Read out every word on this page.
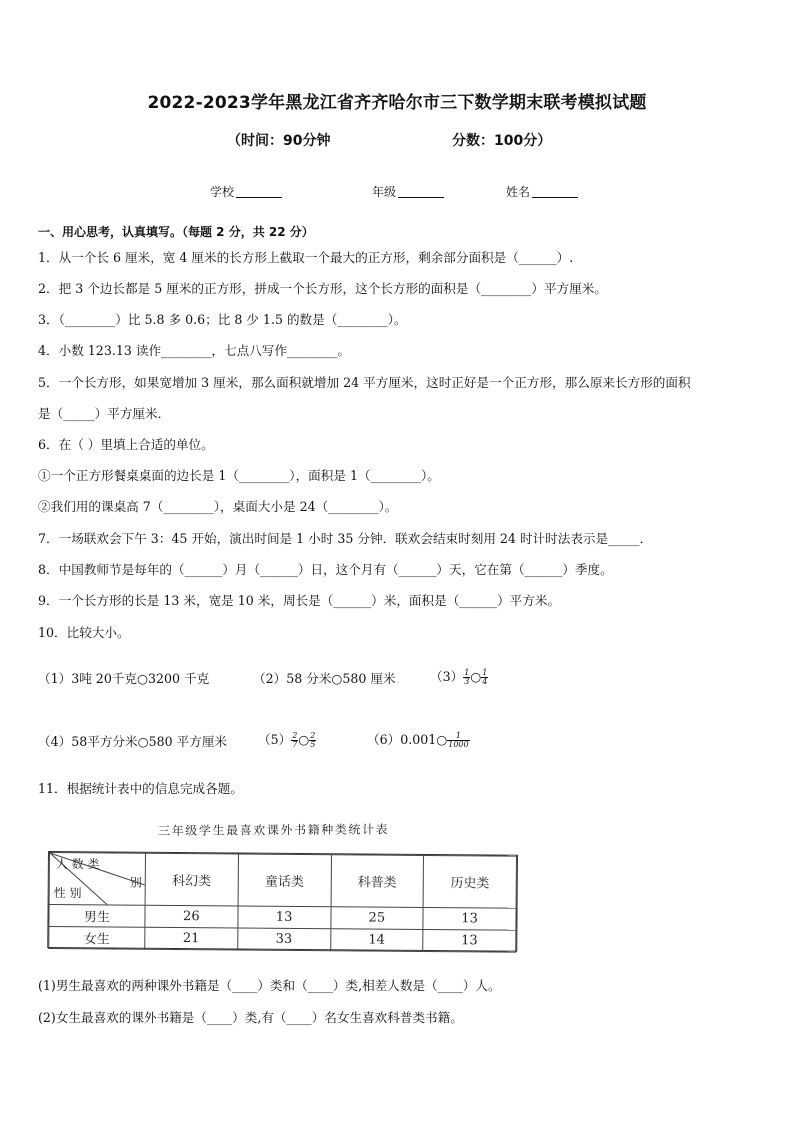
2022-2023学年黑龙江省齐齐哈尔市三下数学期末联考模拟试题
（时间：90分钟	分数：100分）
学校	年级	姓名
一、用心思考，认真填写。（每题 2 分，共 22 分）
1．从一个长 6 厘米，宽 4 厘米的长方形上截取一个最大的正方形，剩余部分面积是（______）.
2．把 3 个边长都是 5 厘米的正方形，拼成一个长方形，这个长方形的面积是（________）平方厘米。
3．（________）比 5.8 多 0.6；比 8 少 1.5 的数是（________）。
4．小数 123.13 读作________，七点八写作________。
5．一个长方形，如果宽增加 3 厘米，那么面积就增加 24 平方厘米，这时正好是一个正方形，那么原来长方形的面积
是（_____）平方厘米．
6．在（ ）里填上合适的单位。
①一个正方形餐桌桌面的边长是 1（________），面积是 1（________）。
②我们用的课桌高 7（________），桌面大小是 24（________）。
7．一场联欢会下午 3：45 开始，演出时间是 1 小时 35 分钟．联欢会结束时刻用 24 时计时法表示是_____．
8．中国教师节是每年的（______）月（______）日，这个月有（______）天，它在第（______）季度。
9．一个长方形的长是 13 米，宽是 10 米，周长是（______）米，面积是（______）平方米。
10．比较大小。
（1）3吨 20千克○3200 千克	（2）58 分米○580 厘米	$(3) \frac{1}{3}$ ○ $\frac{1}{4}$
（4）58平方分米○580 平方厘米 $(5) \frac{2}{7}$ ○ $\frac{2}{5}$	（6）0.001○ $\frac{1}{1000}$
11．根据统计表中的信息完成各题。
三年级学生最喜欢课外书籍种类统计表
人 数 类
别
性 别	科幻类	童话类	科普类	历史类
男生	26	13	25	13
女生	21	33	14	13
(1)男生最喜欢的两种课外书籍是（____）类和（____）类,相差人数是（____）人。
(2)女生最喜欢的课外书籍是（____）类,有（____）名女生喜欢科普类书籍。
